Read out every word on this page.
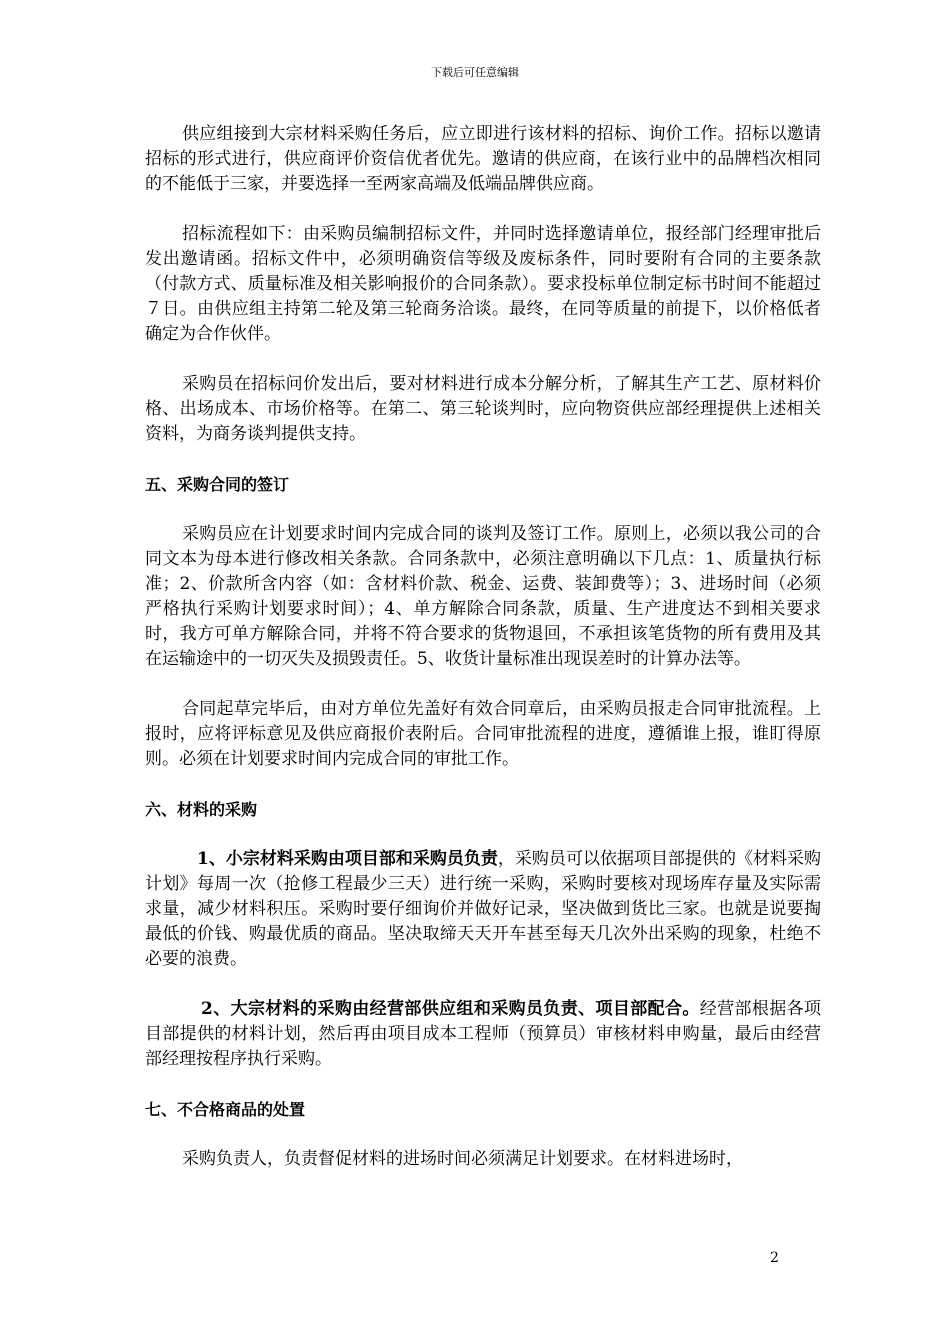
下载后可任意编辑

供应组接到大宗材料采购任务后，应立即进行该材料的招标、询价工作。招标以邀请招标的形式进行，供应商评价资信优者优先。邀请的供应商，在该行业中的品牌档次相同的不能低于三家，并要选择一至两家高端及低端品牌供应商。

招标流程如下：由采购员编制招标文件，并同时选择邀请单位，报经部门经理审批后发出邀请函。招标文件中，必须明确资信等级及废标条件，同时要附有合同的主要条款（付款方式、质量标准及相关影响报价的合同条款）。要求投标单位制定标书时间不能超过７日。由供应组主持第二轮及第三轮商务洽谈。最终，在同等质量的前提下，以价格低者确定为合作伙伴。

采购员在招标问价发出后，要对材料进行成本分解分析，了解其生产工艺、原材料价格、出场成本、市场价格等。在第二、第三轮谈判时，应向物资供应部经理提供上述相关资料，为商务谈判提供支持。

五、采购合同的签订

采购员应在计划要求时间内完成合同的谈判及签订工作。原则上，必须以我公司的合同文本为母本进行修改相关条款。合同条款中，必须注意明确以下几点：1、质量执行标准；2、价款所含内容（如：含材料价款、税金、运费、装卸费等）；3、进场时间（必须严格执行采购计划要求时间）；4、单方解除合同条款，质量、生产进度达不到相关要求时，我方可单方解除合同，并将不符合要求的货物退回，不承担该笔货物的所有费用及其在运输途中的一切灭失及损毁责任。5、收货计量标准出现误差时的计算办法等。

合同起草完毕后，由对方单位先盖好有效合同章后，由采购员报走合同审批流程。上报时，应将评标意见及供应商报价表附后。合同审批流程的进度，遵循谁上报，谁盯得原则。必须在计划要求时间内完成合同的审批工作。

六、材料的采购

1、小宗材料采购由项目部和采购员负责，采购员可以依据项目部提供的《材料采购计划》每周一次（抢修工程最少三天）进行统一采购，采购时要核对现场库存量及实际需求量，减少材料积压。采购时要仔细询价并做好记录，坚决做到货比三家。也就是说要掏最低的价钱、购最优质的商品。坚决取缔天天开车甚至每天几次外出采购的现象，杜绝不必要的浪费。

2、大宗材料的采购由经营部供应组和采购员负责、项目部配合。经营部根据各项目部提供的材料计划，然后再由项目成本工程师（预算员）审核材料申购量，最后由经营部经理按程序执行采购。

七、不合格商品的处置

采购负责人，负责督促材料的进场时间必须满足计划要求。在材料进场时，

2
